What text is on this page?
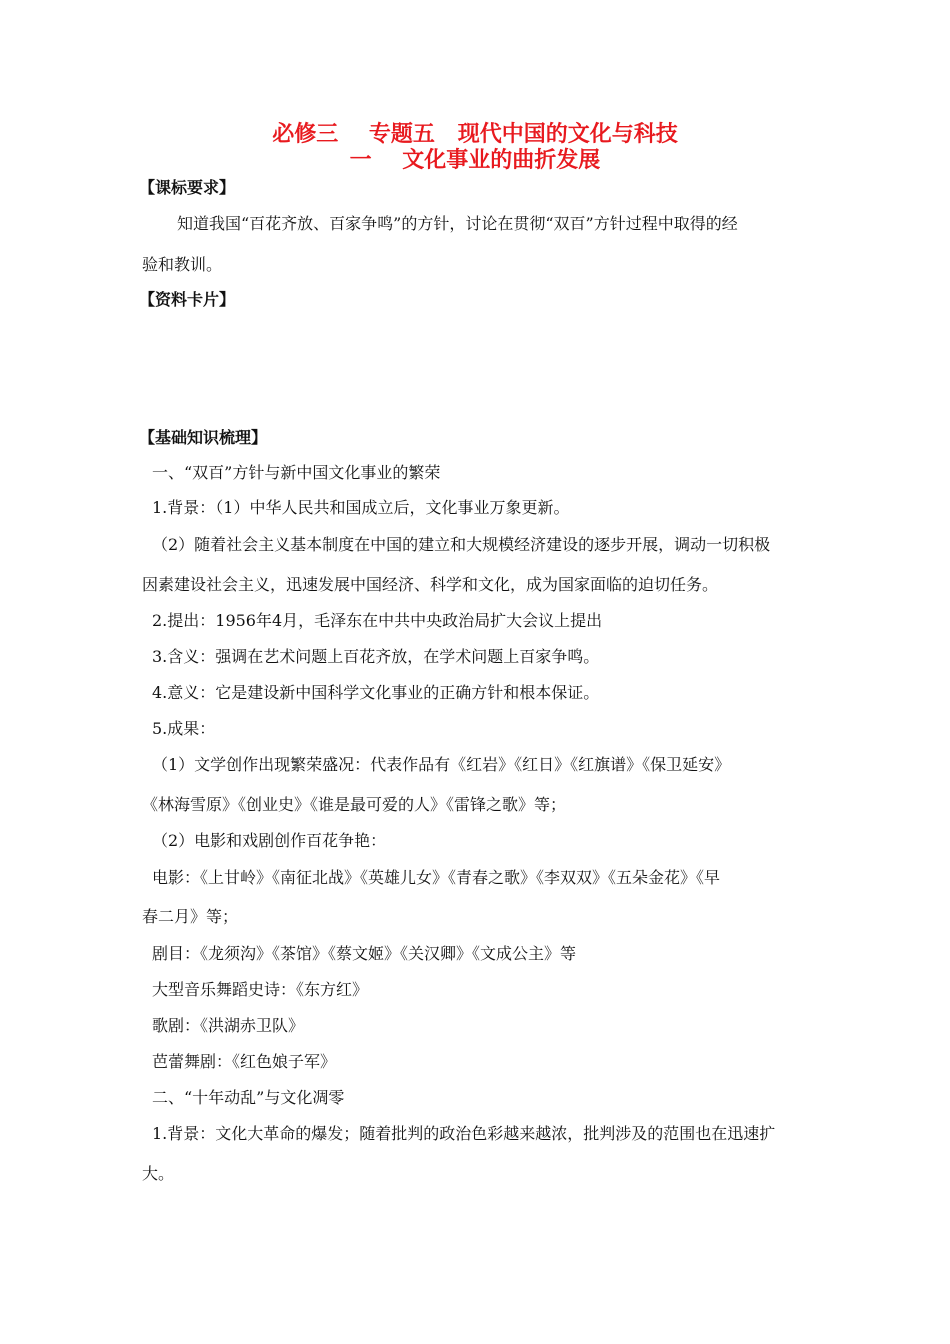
必修三    专题五   现代中国的文化与科技
一    文化事业的曲折发展
【课标要求】
知道我国“百花齐放、百家争鸣”的方针，讨论在贯彻“双百”方针过程中取得的经
验和教训。
【资料卡片】
【基础知识梳理】
一、“双百”方针与新中国文化事业的繁荣
1.背景：（1）中华人民共和国成立后，文化事业万象更新。
（2）随着社会主义基本制度在中国的建立和大规模经济建设的逐步开展，调动一切积极
因素建设社会主义，迅速发展中国经济、科学和文化，成为国家面临的迫切任务。
2.提出：1956年4月，毛泽东在中共中央政治局扩大会议上提出
3.含义：强调在艺术问题上百花齐放，在学术问题上百家争鸣。
4.意义：它是建设新中国科学文化事业的正确方针和根本保证。
5.成果：
（1）文学创作出现繁荣盛况：代表作品有《红岩》《红日》《红旗谱》《保卫延安》
《林海雪原》《创业史》《谁是最可爱的人》《雷锋之歌》等；
（2）电影和戏剧创作百花争艳：
电影：《上甘岭》《南征北战》《英雄儿女》《青春之歌》《李双双》《五朵金花》《早
春二月》等；
剧目：《龙须沟》《茶馆》《蔡文姬》《关汉卿》《文成公主》等
大型音乐舞蹈史诗：《东方红》
歌剧：《洪湖赤卫队》
芭蕾舞剧：《红色娘子军》
二、“十年动乱”与文化凋零
1.背景：文化大革命的爆发；随着批判的政治色彩越来越浓，批判涉及的范围也在迅速扩
大。
